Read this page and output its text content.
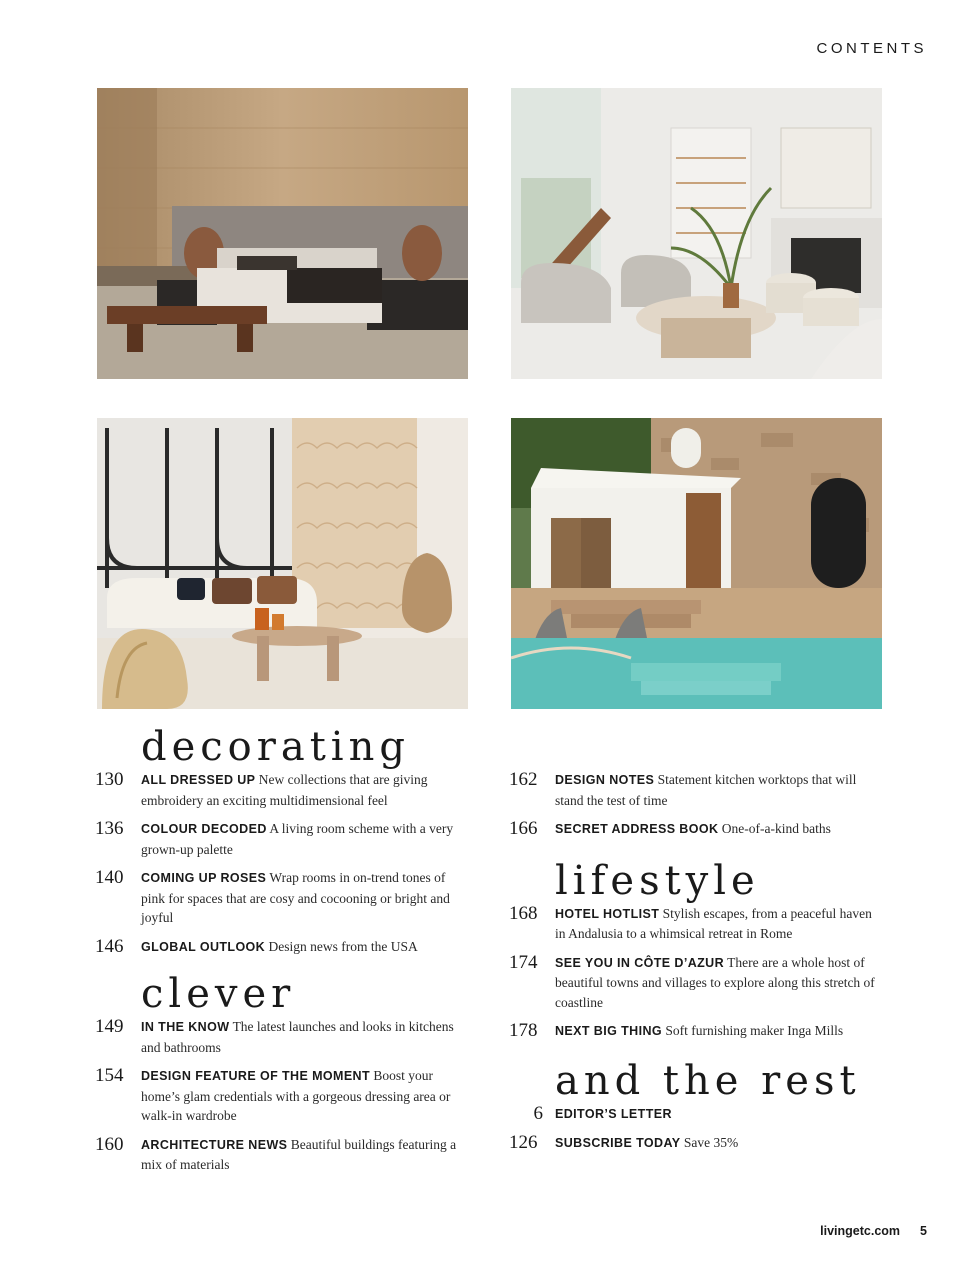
CONTENTS
decorating
130	ALL DRESSED UP New collections that are giving embroidery an exciting multidimensional feel
136	COLOUR DECODED A living room scheme with a very grown-up palette
140	COMING UP ROSES Wrap rooms in on-trend tones of pink for spaces that are cosy and cocooning or bright and joyful
146	GLOBAL OUTLOOK Design news from the USA
clever
149	IN THE KNOW The latest launches and looks in kitchens and bathrooms
154	DESIGN FEATURE OF THE MOMENT Boost your home’s glam credentials with a gorgeous dressing area or walk-in wardrobe
160	ARCHITECTURE NEWS Beautiful buildings featuring a mix of materials
162	DESIGN NOTES Statement kitchen worktops that will stand the test of time
166	SECRET ADDRESS BOOK One-of-a-kind baths
lifestyle
168	HOTEL HOTLIST Stylish escapes, from a peaceful haven in Andalusia to a whimsical retreat in Rome
174	SEE YOU IN CÔTE D’AZUR There are a whole host of beautiful towns and villages to explore along this stretch of coastline
178	NEXT BIG THING Soft furnishing maker Inga Mills
and the rest
6 EDITOR’S LETTER
126	SUBSCRIBE TODAY Save 35%
livingetc.com 5
